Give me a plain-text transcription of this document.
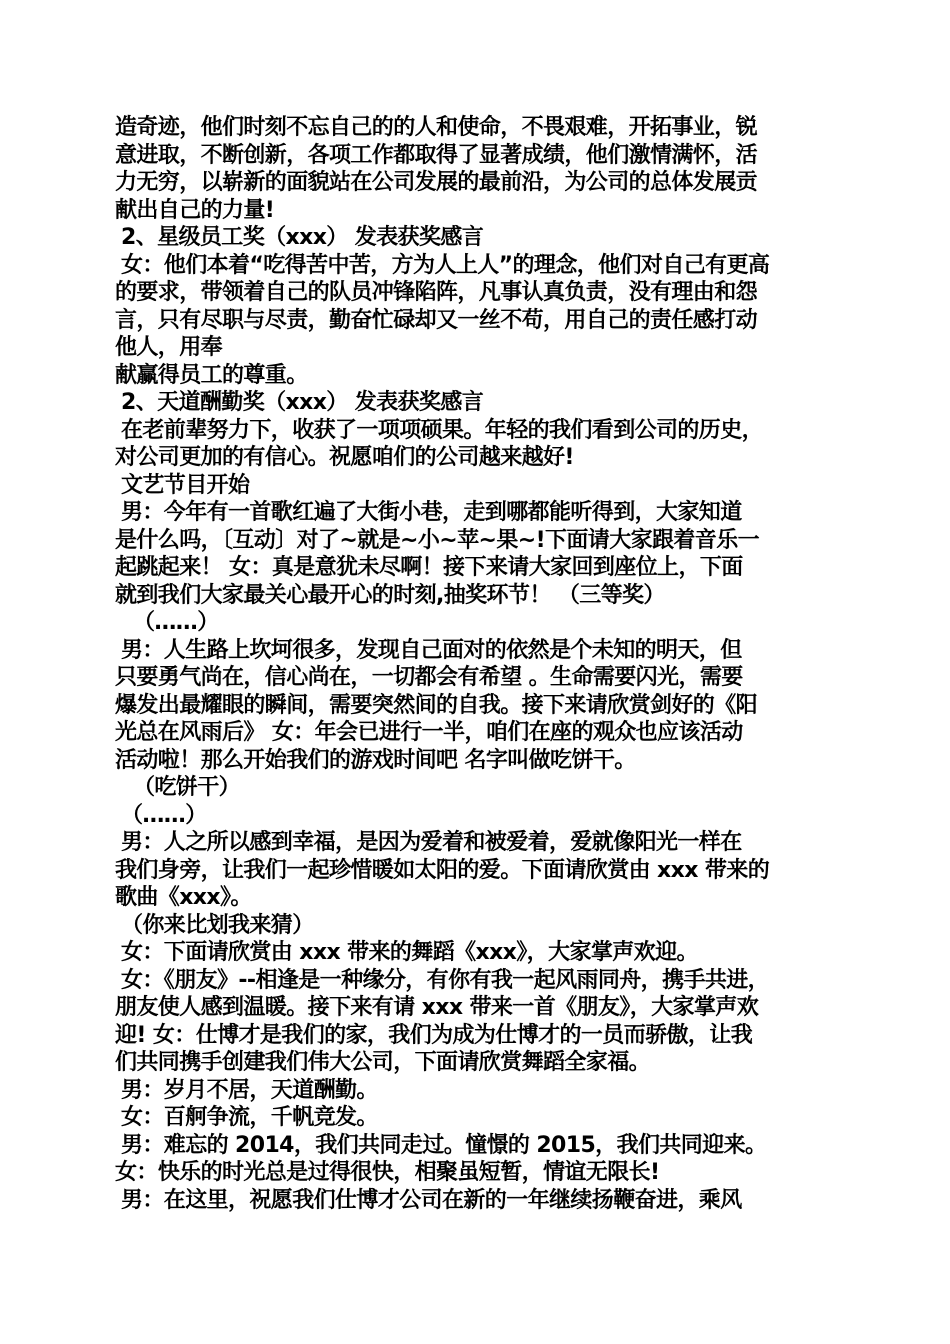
造奇迹，他们时刻不忘自己的的人和使命，不畏艰难，开拓事业，锐
意进取，不断创新，各项工作都取得了显著成绩，他们激情满怀，活
力无穷，以崭新的面貌站在公司发展的最前沿，为公司的总体发展贡
献出自己的力量!
2、星级员工奖（xxx） 发表获奖感言
女：他们本着“吃得苦中苦，方为人上人”的理念，他们对自己有更高
的要求，带领着自己的队员冲锋陷阵，凡事认真负责，没有理由和怨
言，只有尽职与尽责，勤奋忙碌却又一丝不苟，用自己的责任感打动
他人，用奉
献赢得员工的尊重。
2、天道酬勤奖（xxx） 发表获奖感言
在老前辈努力下，收获了一项项硕果。年轻的我们看到公司的历史，
对公司更加的有信心。祝愿咱们的公司越来越好!
文艺节目开始
男：今年有一首歌红遍了大街小巷，走到哪都能听得到，大家知道
是什么吗，〔互动〕对了~就是~小~苹~果~!下面请大家跟着音乐一
起跳起来！ 女：真是意犹未尽啊！接下来请大家回到座位上，下面
就到我们大家最关心最开心的时刻,抽奖环节！ （三等奖）
（……）
男：人生路上坎坷很多，发现自己面对的依然是个未知的明天，但
只要勇气尚在，信心尚在，一切都会有希望 。生命需要闪光，需要
爆发出最耀眼的瞬间，需要突然间的自我。接下来请欣赏剑好的《阳
光总在风雨后》 女：年会已进行一半，咱们在座的观众也应该活动
活动啦！那么开始我们的游戏时间吧 名字叫做吃饼干。
（吃饼干）
（……）
男：人之所以感到幸福，是因为爱着和被爱着，爱就像阳光一样在
我们身旁，让我们一起珍惜暖如太阳的爱。下面请欣赏由 xxx 带来的
歌曲《xxx》。
（你来比划我来猜）
女：下面请欣赏由 xxx 带来的舞蹈《xxx》，大家掌声欢迎。
女：《朋友》--相逢是一种缘分，有你有我一起风雨同舟，携手共进，
朋友使人感到温暖。接下来有请 xxx 带来一首《朋友》，大家掌声欢
迎! 女：仕博才是我们的家，我们为成为仕博才的一员而骄傲，让我
们共同携手创建我们伟大公司，下面请欣赏舞蹈全家福。
男：岁月不居，天道酬勤。
女：百舸争流，千帆竞发。
男：难忘的 2014，我们共同走过。憧憬的 2015，我们共同迎来。
女：快乐的时光总是过得很快，相聚虽短暂，情谊无限长!
男：在这里，祝愿我们仕博才公司在新的一年继续扬鞭奋进，乘风
